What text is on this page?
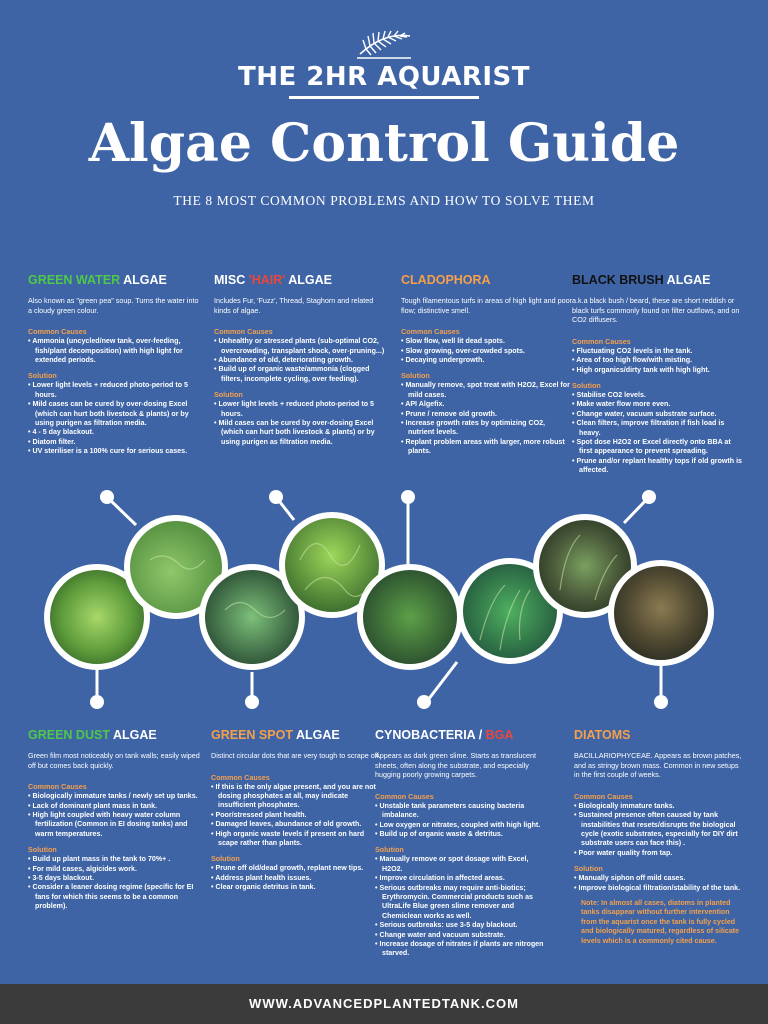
THE 2HR AQUARIST
Algae Control Guide
THE 8 MOST COMMON PROBLEMS AND HOW TO SOLVE THEM
GREEN WATER ALGAE

Also known as "green pea" soup. Turns the water into a cloudy green colour.

Common Causes
• Ammonia (uncycled/new tank, over-feeding, fish/plant decomposition) with high light for extended periods.
Solution
• Lower light levels + reduced photo-period to 5 hours.
• Mild cases can be cured by over-dosing Excel (which can hurt both livestock & plants) or by using purigen as filtration media.
• 4 - 5 day blackout.
• Diatom filter.
• UV steriliser is a 100% cure for serious cases.
MISC 'HAIR' ALGAE

Includes Fur, 'Fuzz', Thread, Staghorn and related kinds of algae.

Common Causes
• Unhealthy or stressed plants (sub-optimal CO2, overcrowding, transplant shock, over-pruning...)
• Abundance of old, deteriorating growth.
• Build up of organic waste/ammonia (clogged filters, incomplete cycling, over feeding).
Solution
• Lower light levels + reduced photo-period to 5 hours.
• Mild cases can be cured by over-dosing Excel (which can hurt both livestock & plants) or by using purigen as filtration media.
CLADOPHORA

Tough filamentous turfs in areas of high light and poor flow; distinctive smell.

Common Causes
• Slow flow, well lit dead spots.
• Slow growing, over-crowded spots.
• Decaying undergrowth.
Solution
• Manually remove, spot treat with H2O2, Excel for mild cases.
• API Algefix.
• Prune / remove old growth.
• Increase growth rates by optimizing CO2, nutrient levels.
• Replant problem areas with larger, more robust plants.
BLACK BRUSH ALGAE

a.k.a black bush / beard, these are short reddish or black turfs commonly found on filter outflows, and on CO2 diffusers.

Common Causes
• Fluctuating CO2 levels in the tank.
• Area of too high flow/with misting.
• High organics/dirty tank with high light.
Solution
• Stabilise CO2 levels.
• Make water flow more even.
• Change water, vacuum substrate surface.
• Clean filters, improve filtration if fish load is heavy.
• Spot dose H2O2 or Excel directly onto BBA at first appearance to prevent spreading.
• Prune and/or replant healthy tops if old growth is affected.
GREEN DUST ALGAE

Green film most noticeably on tank walls; easily wiped off but comes back quickly.

Common Causes
• Biologically immature tanks / newly set up tanks.
• Lack of dominant plant mass in tank.
• High light coupled with heavy water column fertilization (Common in EI dosing tanks) and warm temperatures.
Solution
• Build up plant mass in the tank to 70%+ .
• For mild cases, algicides work.
• 3-5 days blackout.
• Consider a leaner dosing regime (specific for EI fans for which this seems to be a common problem).
GREEN SPOT ALGAE

Distinct circular dots that are very tough to scrape off.

Common Causes
• If this is the only algae present, and you are not dosing phosphates at all, may indicate insufficient phosphates.
• Poor/stressed plant health.
• Damaged leaves, abundance of old growth.
• High organic waste levels if present on hard scape rather than plants.
Solution
• Prune off old/dead growth, replant new tips.
• Address plant health issues.
• Clear organic detritus in tank.
CYNOBACTERIA / BGA

Appears as dark green slime. Starts as translucent sheets, often along the substrate, and especially hugging poorly growing carpets.

Common Causes
• Unstable tank parameters causing bacteria imbalance.
• Low oxygen or nitrates, coupled with high light.
• Build up of organic waste & detritus.
Solution
• Manually remove or spot dosage with Excel, H2O2.
• Improve circulation in affected areas.
• Serious outbreaks may require anti-biotics; Erythromycin. Commercial products such as UltraLife Blue green slime remover and Chemiclean works as well.
• Serious outbreaks: use 3-5 day blackout.
• Change water and vacuum substrate.
• Increase dosage of nitrates if plants are nitrogen starved.
DIATOMS

BACILLARIOPHYCEAE. Appears as brown patches, and as stringy brown mass. Common in new setups in the first couple of weeks.

Common Causes
• Biologically immature tanks.
• Sustained presence often caused by tank instabilities that resets/disrupts the biological cycle (exotic substrates, especially for DIY dirt substrate users can face this) .
• Poor water quality from tap.
Solution
• Manually siphon off mild cases.
• Improve biological filtration/stability of the tank.

Note: In almost all cases, diatoms in planted tanks disappear without further intervention from the aquarist once the tank is fully cycled and biologically matured, regardless of silicate levels which is a commonly cited cause.

WWW.ADVANCEDPLANTEDTANK.COM
